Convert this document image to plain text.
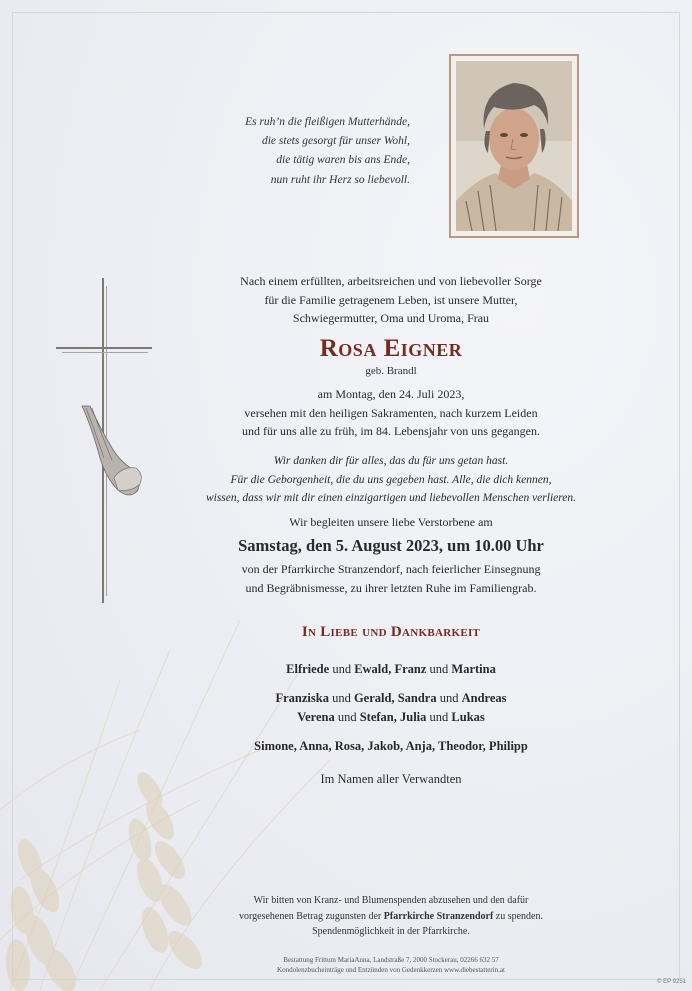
Es ruh’n die fleißigen Mutterhände,
die stets gesorgt für unser Wohl,
die tätig waren bis ans Ende,
nun ruht ihr Herz so liebevoll.
Nach einem erfüllten, arbeitsreichen und von liebevoller Sorge
für die Familie getragenem Leben, ist unsere Mutter,
Schwiegermutter, Oma und Uroma, Frau
Rosa Eigner
geb. Brandl
am Montag, den 24. Juli 2023,
versehen mit den heiligen Sakramenten, nach kurzem Leiden
und für uns alle zu früh, im 84. Lebensjahr von uns gegangen.
Wir danken dir für alles, das du für uns getan hast.
Für die Geborgenheit, die du uns gegeben hast. Alle, die dich kennen,
wissen, dass wir mit dir einen einzigartigen und liebevollen Menschen verlieren.
Wir begleiten unsere liebe Verstorbene am
Samstag, den 5. August 2023, um 10.00 Uhr
von der Pfarrkirche Stranzendorf, nach feierlicher Einsegnung
und Begräbnismesse, zu ihrer letzten Ruhe im Familiengrab.
In Liebe und Dankbarkeit
Elfriede und Ewald, Franz und Martina
Franziska und Gerald, Sandra und Andreas
Verena und Stefan, Julia und Lukas
Simone, Anna, Rosa, Jakob, Anja, Theodor, Philipp
Im Namen aller Verwandten
Wir bitten von Kranz- und Blumenspenden abzusehen und den dafür
vorgesehenen Betrag zugunsten der Pfarrkirche Stranzendorf zu spenden.
Spendenmöglichkeit in der Pfarrkirche.
Bestattung Frittum MariaAnna, Landstraße 7, 2000 Stockerau, 02266 632 57
Kondolenzbucheinträge und Entzünden von Gedenkkerzen www.diebestatterin.at
© EP 9251
